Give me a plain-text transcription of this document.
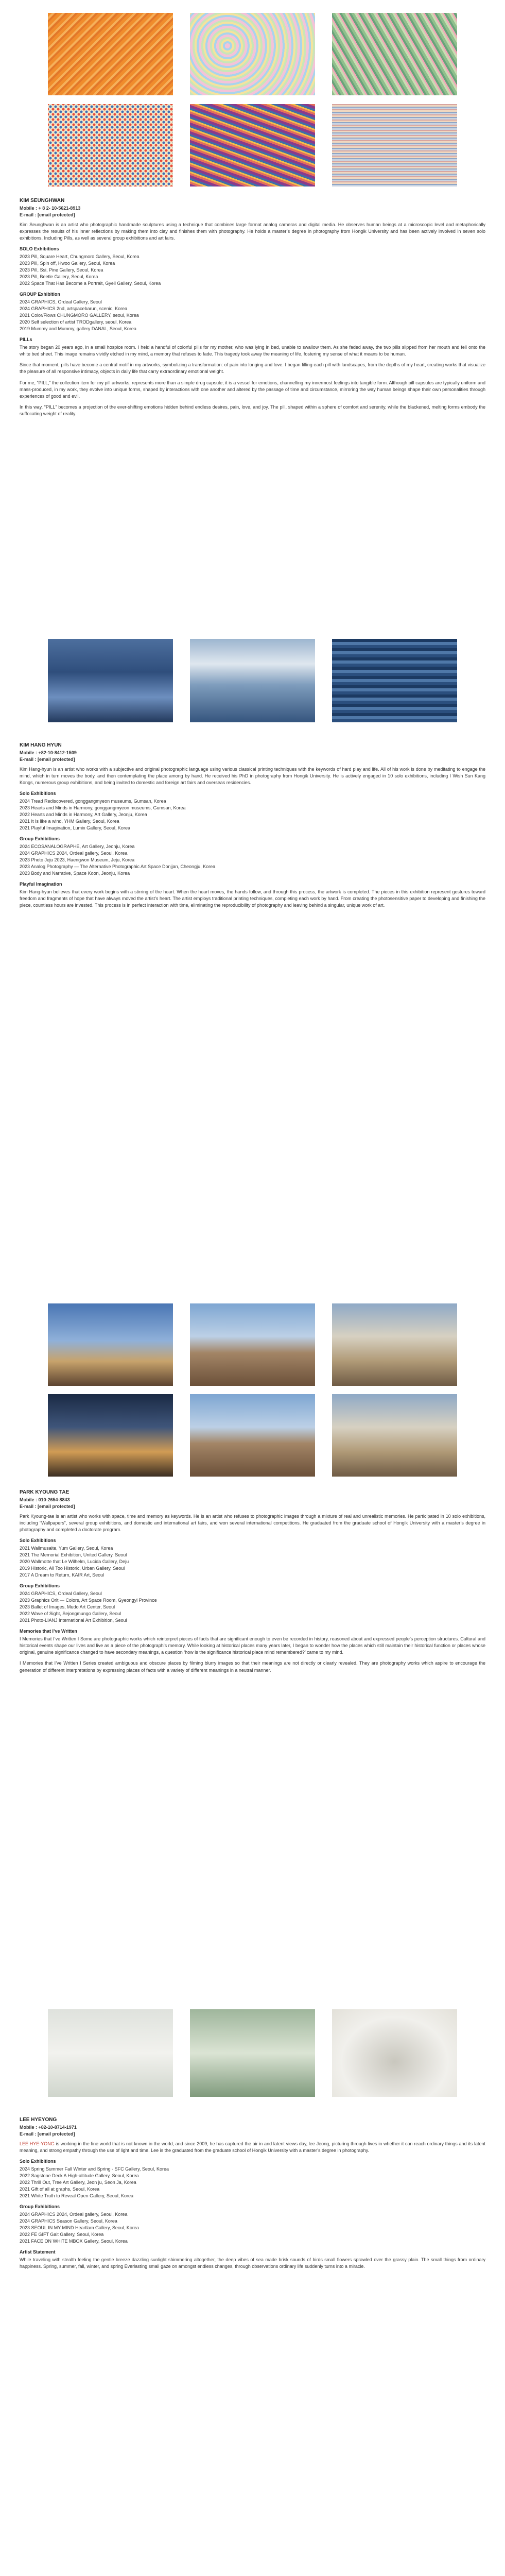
KIM SEUNGHWAN

Mobile : + 8 2- 10-5621-8913

E-mail : [email protected]

Kim Seunghwan is an artist who photographic handmade sculptures using a technique that combines large format analog cameras and digital media. He observes human beings at a microscopic level and metaphorically expresses the results of his inner reflections by making them into clay and ﬁnishes them with photography. He holds a master’s degree in photography from Hongik University and has been actively involved in seven solo exhibitions. Including Pills, as well as several group exhibitions and art fairs.

SOLO Exhibitions

2023 Pill, Square Heart, Chungmoro Gallery, Seoul, Korea
2023 Pill, Spin off, Hwoo Gallery, Seoul, Korea
2023 Pill, Ssi, Pine Gallery, Seoul, Korea
2023 Pill, Beetle Gallery, Seoul, Korea
2022 Space That Has Become a Portrait, Gyeil Gallery, Seoul, Korea

GROUP Exhibition

2024 GRAPHICS, Ordeal Gallery, Seoul
2024 GRAPHICS 2nd, artspacebarun, scenic, Korea
2021 Color/Flows CHUNGMORO GALLERY, seoul, Korea
2020 Self selection of artist TRODgallery, seoul, Korea
2019 Mummy and Mummy, gallery DANAL, Seoul, Korea

PILLs

The story began 20 years ago, in a small hospice room. I held a handful of colorful pills for my mother, who was lying in bed, unable to swallow them. As she faded away, the two pills slipped from her mouth and fell onto the white bed sheet. This image remains vividly etched in my mind, a memory that refuses to fade. This tragedy took away the meaning of life, fostering my sense of what it means to be human.

Since that moment, pills have become a central motif in my artworks, symbolizing a transformation: of pain into longing and love. I began ﬁlling each pill with landscapes, from the depths of my heart, creating works that visualize the pleasure of all responsive intimacy, objects in daily life that carry extraordinary emotional weight.

For me, “PILL,” the collection item for my pill artworks, represents more than a simple drug capsule; it is a vessel for emotions, channelling my innermost feelings into tangible form. Although pill capsules are typically uniform and mass-produced, in my work, they evolve into unique forms, shaped by interactions with one another and altered by the passage of time and circumstance, mirroring the way human beings shape their own personalities through experiences of good and evil.

In this way, “PILL” becomes a projection of the ever-shifting emotions hidden behind endless desires, pain, love, and joy. The pill, shaped within a sphere of comfort and serenity, while the blackened, melting forms embody the suffocating weight of reality.

KIM HANG HYUN

Mobile : +82-10-8412-1509

E-mail : [email protected]

Kim Hang-hyun is an artist who works with a subjective and original photographic language using various classical printing techniques with the keywords of hard play and life. All of his work is done by meditating to engage the mind, which in turn moves the body, and then contemplating the place among by hand. He received his PhD in photography from Hongik University. He is actively engaged in 10 solo exhibitions, including I Wish Sun Kang Kongs, numerous group exhibitions, and being invited to domestic and foreign art fairs and overseas residencies.

Solo Exhibitions

2024 Tread Rediscovered, gonggangmyeon museums, Gumsan, Korea
2023 Hearts and Minds in Harmony, gonggangmyeon museums, Gumsan, Korea
2022 Hearts and Minds in Harmony, Art Gallery, Jeonju, Korea
2021 It Is like a wind, YHM Gallery, Seoul, Korea
2021 Playful Imagination, Lumix Gallery, Seoul, Korea

Group Exhibitions

2024 ECOSANALOGRAPHE, Art Gallery, Jeonju, Korea
2024 GRAPHICS 2024, Ordeal gallery, Seoul, Korea
2023 Photo Jeju 2023, Haengwon Museum, Jeju, Korea
2023 Analog Photography — The Alternative Photographic Art Space Donjjan, Cheongju, Korea
2023 Body and Narrative, Space Koon, Jeonju, Korea

Playful Imagination

Kim Hang-hyun believes that every work begins with a stirring of the heart. When the heart moves, the hands follow, and through this process, the artwork is completed. The pieces in this exhibition represent gestures toward freedom and fragments of hope that have always moved the artist’s heart. The artist employs traditional printing techniques, completing each work by hand. From creating the photosensitive paper to developing and ﬁnishing the piece, countless hours are invested. This process is in perfect interaction with time, eliminating the reproducibility of photography and leaving behind a singular, unique work of art.

PARK KYOUNG TAE

Mobile : 010-2654-8843

E-mail : [email protected]

Park Kyoung-tae is an artist who works with space, time and memory as keywords. He is an artist who refuses to photographic images through a mixture of real and unrealistic memories. He participated in 10 solo exhibitions, including “Wallpapers”, several group exhibitions, and domestic and international art fairs, and won several international competitions. He graduated from the graduate school of Hongik University with a master’s degree in photography and completed a doctorate program.

Solo Exhibitions

2021 Wallmusaite, Yum Gallery, Seoul, Korea
2021 The Memorial Exhibition, United Gallery, Seoul
2020 Wallmotte that Le Wilhelm, Lucida Gallery, Deju
2019 Historic, All Too Historic, Urban Gallery, Seoul
2017 A Dream to Return, KAIR Art, Seoul

Group Exhibitions

2024 GRAPHICS, Ordeal Gallery, Seoul
2023 Graphics Orlt — Colors, Art Space Room, Gyeongyi Province
2023 Ballet of Images, Mudo Art Center, Seoul
2022 Wave of Sight, Sejongmungo Gallery, Seoul
2021 Photo-LIANJ International Art Exhibition, Seoul

Memories that I’ve Written

I Memories that I’ve Written I Some are photographic works which reinterpret pieces of facts that are signiﬁcant enough to even be recorded in history, reasoned about and expressed people’s perception structures. Cultural and historical events shape our lives and live as a piece of the photograph’s memory. While looking at historical places many years later, I began to wonder how the places which still maintain their historical function or places whose original, genuine signiﬁcance changed to have secondary meanings, a question ‘how is the signiﬁcance historical place mind remembered?’ came to my mind.

I Memories that I’ve Written I Series created ambiguous and obscure places by ﬁlming blurry images so that their meanings are not directly or clearly revealed. They are photography works which aspire to encourage the generation of different interpretations by expressing places of facts with a variety of different meanings in a neutral manner.

LEE HYEYONG

Mobile : +82-10-8714-1971

E-mail : [email protected]

LEE HYE-YONG is working in the ﬁne world that is not known in the world, and since 2009, he has captured the air in and latent views day, lee Jeong, picturing through lives in whether it can reach ordinary things and its latent meaning, and strong empathy through the use of light and time. Lee is the graduated from the graduate school of Hongik University with a master’s degree in photography.

Solo Exhibitions

2024 Spring Summer Fall Winter and Spring - SFC Gallery, Seoul, Korea
2022 Sagstone Deck A High-altitude Gallery, Seoul, Korea
2022 Thrill Out, Tree Art Gallery, Jeon ju, Seon Ja, Korea
2021 Gift of all at graphs, Seoul, Korea
2021 White Truth to Reveal Open Gallery, Seoul, Korea

Group Exhibitions

2024 GRAPHICS 2024, Ordeal gallery, Seoul, Korea
2024 GRAPHICS Season Gallery, Seoul, Korea
2023 SEOUL IN MY MIND Heartlam Gallery, Seoul, Korea
2022 FE GIFT Gait Gallery, Seoul, Korea
2021 FACE ON WHITE MBOX Gallery, Seoul, Korea

Artist Statement

While traveling with stealth feeling the gentle breeze dazzling sunlight shimmering altogether, the deep vibes of sea made brisk sounds of birds small ﬂowers sprawled over the grassy plain. The small things from ordinary happiness. Spring, summer, fall, winter, and spring Everlasting small gaze on amongst endless changes, through observations ordinary life suddenly turns into a miracle.
